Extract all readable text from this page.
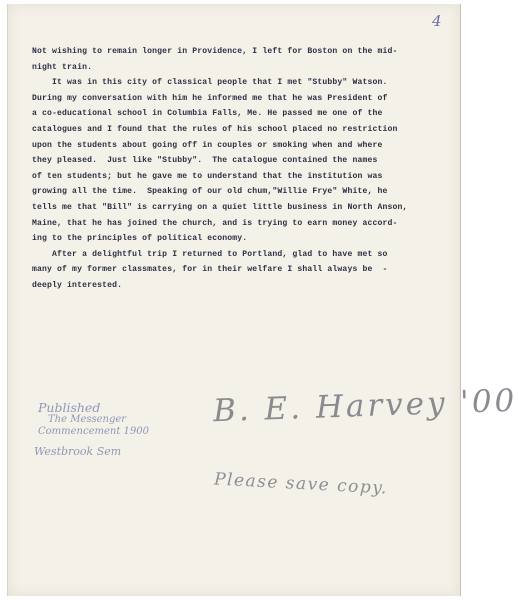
4
Not wishing to remain longer in Providence, I left for Boston on the mid-
night train.
It was in this city of classical people that I met "Stubby" Watson.
During my conversation with him he informed me that he was President of
a co-educational school in Columbia Falls, Me. He passed me one of the
catalogues and I found that the rules of his school placed no restriction
upon the students about going off in couples or smoking when and where
they pleased.  Just like "Stubby".  The catalogue contained the names
of ten students; but he gave me to understand that the institution was
growing all the time.  Speaking of our old chum,"Willie Frye" White, he
tells me that "Bill" is carrying on a quiet little business in North Anson,
Maine, that he has joined the church, and is trying to earn money accord-
ing to the principles of political economy.
After a delightful trip I returned to Portland, glad to have met so
many of my former classmates, for in their welfare I shall always be  -
deeply interested.
B. E. Harvey '00
Published
The Messenger
Commencement 1900
Westbrook Sem
Please save copy.
